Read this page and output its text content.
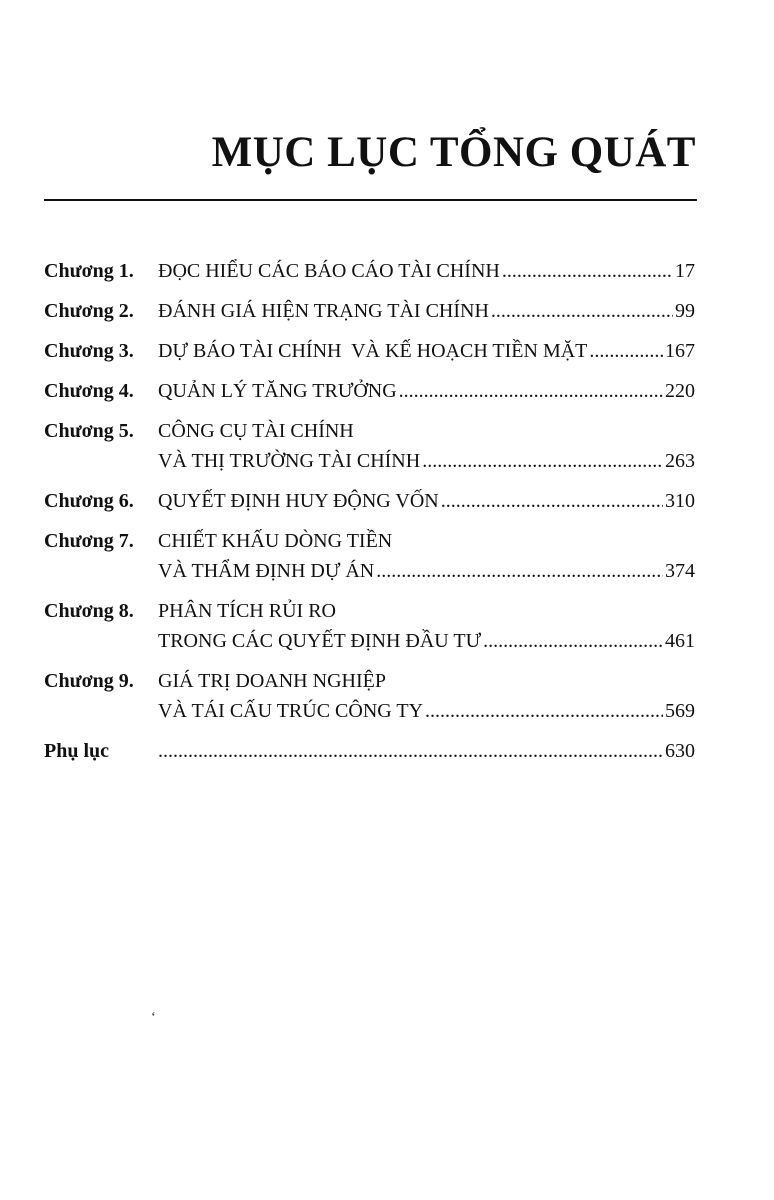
MỤC LỤC TỔNG QUÁT
Chương 1.	ĐỌC HIỂU CÁC BÁO CÁO TÀI CHÍNH .....	17
Chương 2.	ĐÁNH GIÁ HIỆN TRẠNG TÀI CHÍNH .....	99
Chương 3.	DỰ BÁO TÀI CHÍNH  VÀ KẾ HOẠCH TIỀN MẶT .....	167
Chương 4.	QUẢN LÝ TĂNG TRƯỞNG .....	220
Chương 5.	CÔNG CỤ TÀI CHÍNH
VÀ THỊ TRƯỜNG TÀI CHÍNH .....	263
Chương 6.	QUYẾT ĐỊNH HUY ĐỘNG VỐN .....	310
Chương 7.	CHIẾT KHẤU DÒNG TIỀN
VÀ THẨM ĐỊNH DỰ ÁN .....	374
Chương 8.	PHÂN TÍCH RỦI RO
TRONG CÁC QUYẾT ĐỊNH ĐẦU TƯ .....	461
Chương 9.	GIÁ TRỊ DOANH NGHIỆP
VÀ TÁI CẤU TRÚC CÔNG TY .....	569
Phụ lục .....	630
‘
